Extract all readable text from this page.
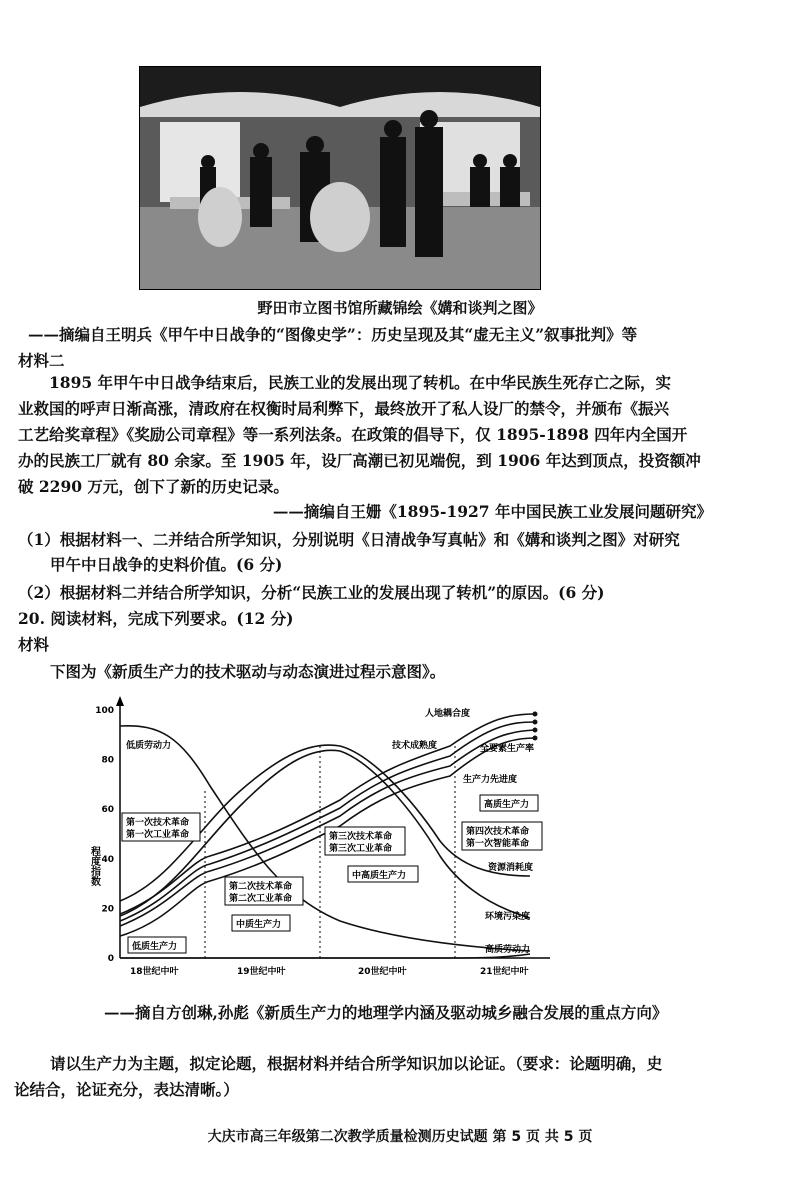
野田市立图书馆所藏锦绘《媾和谈判之图》
——摘编自王明兵《甲午中日战争的“图像史学”：历史呈现及其“虚无主义”叙事批判》等
材料二
1895 年甲午中日战争结束后，民族工业的发展出现了转机。在中华民族生死存亡之际，实
业救国的呼声日渐高涨，清政府在权衡时局利弊下，最终放开了私人设厂的禁令，并颁布《振兴
工艺给奖章程》《奖励公司章程》等一系列法条。在政策的倡导下，仅 1895-1898 四年内全国开
办的民族工厂就有 80 余家。至 1905 年，设厂高潮已初见端倪，到 1906 年达到顶点，投资额冲
破 2290 万元，创下了新的历史记录。
——摘编自王姗《1895-1927 年中国民族工业发展问题研究》
（1）根据材料一、二并结合所学知识，分别说明《日清战争写真帖》和《媾和谈判之图》对研究
甲午中日战争的史料价值。(6 分)
（2）根据材料二并结合所学知识，分析“民族工业的发展出现了转机”的原因。(6 分)
20. 阅读材料，完成下列要求。(12 分)
材料
下图为《新质生产力的技术驱动与动态演进过程示意图》。
0
20
40
60
80
100
程度指数
人地耦合度
技术成熟度	全要素生产率
生产力先进度
资源消耗度
环境污染度
低质劳动力
高质劳动力
第一次技术革命
第一次工业革命
第二次技术革命
第二次工业革命
第三次技术革命
第三次工业革命
第四次技术革命
第一次智能革命
低质生产力
中质生产力
中高质生产力
高质生产力
18世纪中叶	19世纪中叶	20世纪中叶	21世纪中叶
——摘自方创琳,孙彪《新质生产力的地理学内涵及驱动城乡融合发展的重点方向》
请以生产力为主题，拟定论题，根据材料并结合所学知识加以论证。（要求：论题明确，史
论结合，论证充分，表达清晰。）
大庆市高三年级第二次教学质量检测历史试题 第 5 页 共 5 页
